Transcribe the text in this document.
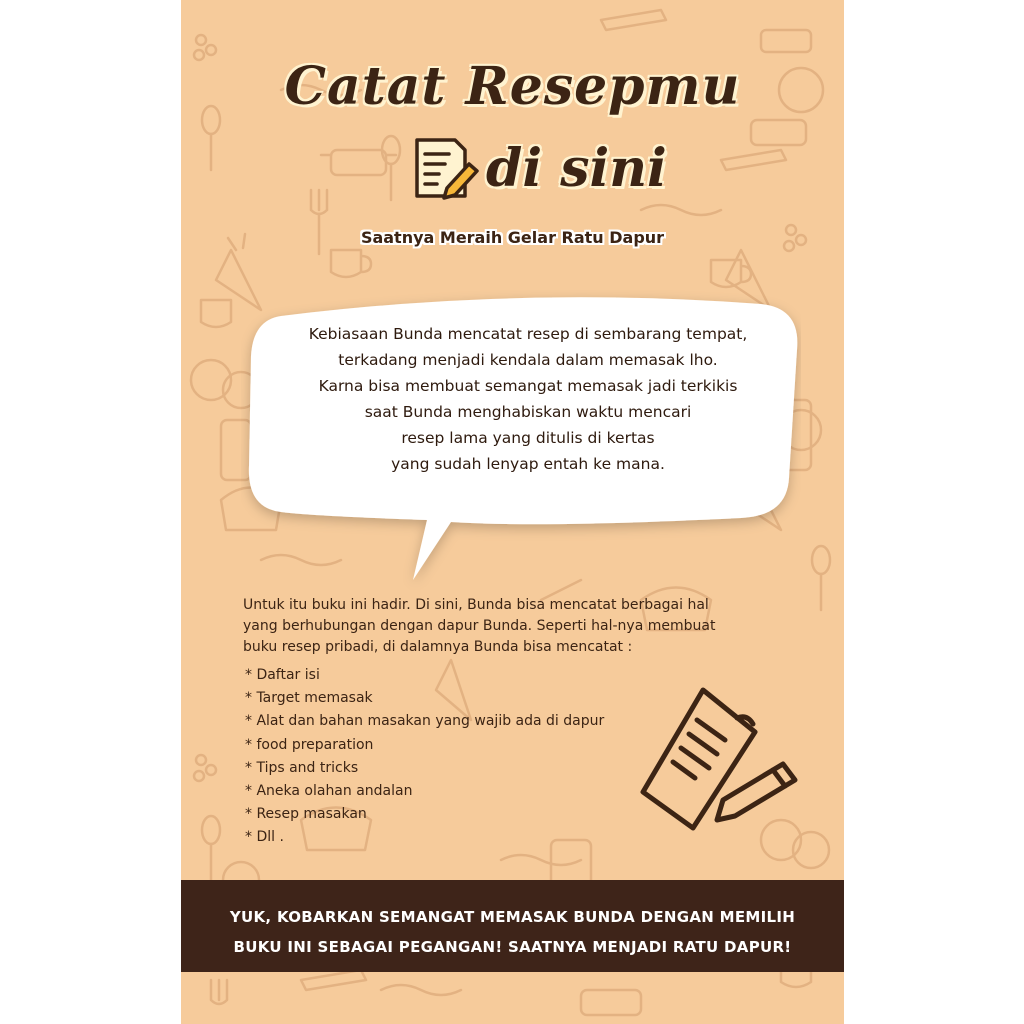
Catat Resepmu
di sini
Saatnya Meraih Gelar Ratu Dapur
Kebiasaan Bunda mencatat resep di sembarang tempat,
terkadang menjadi kendala dalam memasak lho.
Karna bisa membuat semangat memasak jadi terkikis
saat Bunda menghabiskan waktu mencari
resep lama yang ditulis di kertas
yang sudah lenyap entah ke mana.
Untuk itu buku ini hadir. Di sini, Bunda bisa mencatat berbagai hal
yang berhubungan dengan dapur Bunda. Seperti hal-nya membuat
buku resep pribadi, di dalamnya Bunda bisa mencatat :
* Daftar isi
* Target memasak
* Alat dan bahan masakan yang wajib ada di dapur
* food preparation
* Tips and tricks
* Aneka olahan andalan
* Resep masakan
* Dll .
YUK, KOBARKAN SEMANGAT MEMASAK BUNDA DENGAN MEMILIH
BUKU INI SEBAGAI PEGANGAN! SAATNYA MENJADI RATU DAPUR!
